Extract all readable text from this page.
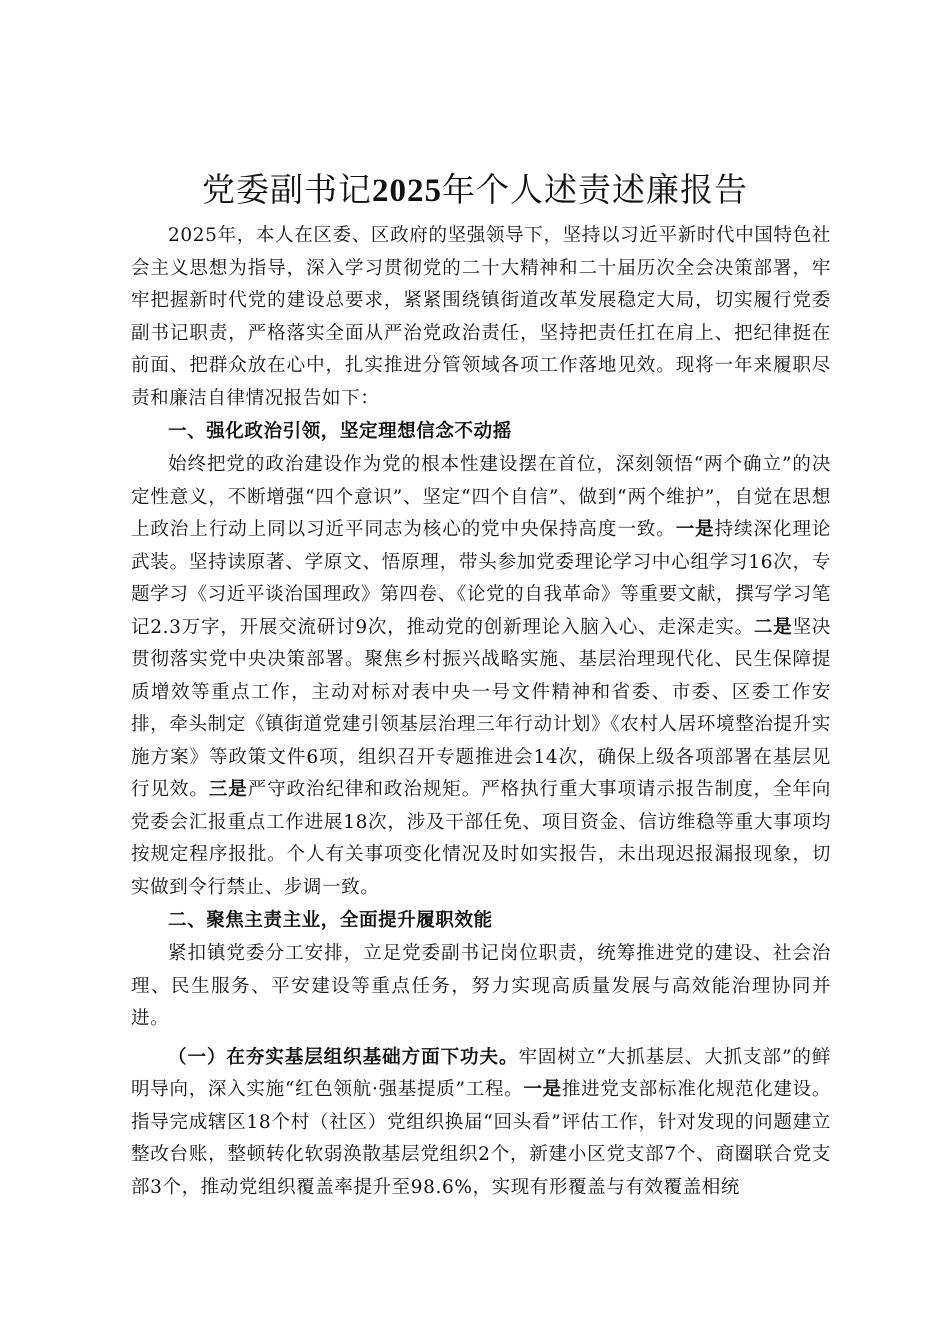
党委副书记2025年个人述责述廉报告

2025年，本人在区委、区政府的坚强领导下，坚持以习近平新时代中国特色社会主义思想为指导，深入学习贯彻党的二十大精神和二十届历次全会决策部署，牢牢把握新时代党的建设总要求，紧紧围绕镇街道改革发展稳定大局，切实履行党委副书记职责，严格落实全面从严治党政治责任，坚持把责任扛在肩上、把纪律挺在前面、把群众放在心中，扎实推进分管领域各项工作落地见效。现将一年来履职尽责和廉洁自律情况报告如下：

一、强化政治引领，坚定理想信念不动摇

始终把党的政治建设作为党的根本性建设摆在首位，深刻领悟“两个确立”的决定性意义，不断增强“四个意识”、坚定“四个自信”、做到“两个维护”，自觉在思想上政治上行动上同以习近平同志为核心的党中央保持高度一致。一是持续深化理论武装。坚持读原著、学原文、悟原理，带头参加党委理论学习中心组学习16次，专题学习《习近平谈治国理政》第四卷、《论党的自我革命》等重要文献，撰写学习笔记2.3万字，开展交流研讨9次，推动党的创新理论入脑入心、走深走实。二是坚决贯彻落实党中央决策部署。聚焦乡村振兴战略实施、基层治理现代化、民生保障提质增效等重点工作，主动对标对表中央一号文件精神和省委、市委、区委工作安排，牵头制定《镇街道党建引领基层治理三年行动计划》《农村人居环境整治提升实施方案》等政策文件6项，组织召开专题推进会14次，确保上级各项部署在基层见行见效。三是严守政治纪律和政治规矩。严格执行重大事项请示报告制度，全年向党委会汇报重点工作进展18次，涉及干部任免、项目资金、信访维稳等重大事项均按规定程序报批。个人有关事项变化情况及时如实报告，未出现迟报漏报现象，切实做到令行禁止、步调一致。

二、聚焦主责主业，全面提升履职效能

紧扣镇党委分工安排，立足党委副书记岗位职责，统筹推进党的建设、社会治理、民生服务、平安建设等重点任务，努力实现高质量发展与高效能治理协同并进。

（一）在夯实基层组织基础方面下功夫。牢固树立“大抓基层、大抓支部”的鲜明导向，深入实施“红色领航·强基提质”工程。一是推进党支部标准化规范化建设。指导完成辖区18个村（社区）党组织换届“回头看”评估工作，针对发现的问题建立整改台账，整顿转化软弱涣散基层党组织2个，新建小区党支部7个、商圈联合党支部3个，推动党组织覆盖率提升至98.6%，实现有形覆盖与有效覆盖相统
